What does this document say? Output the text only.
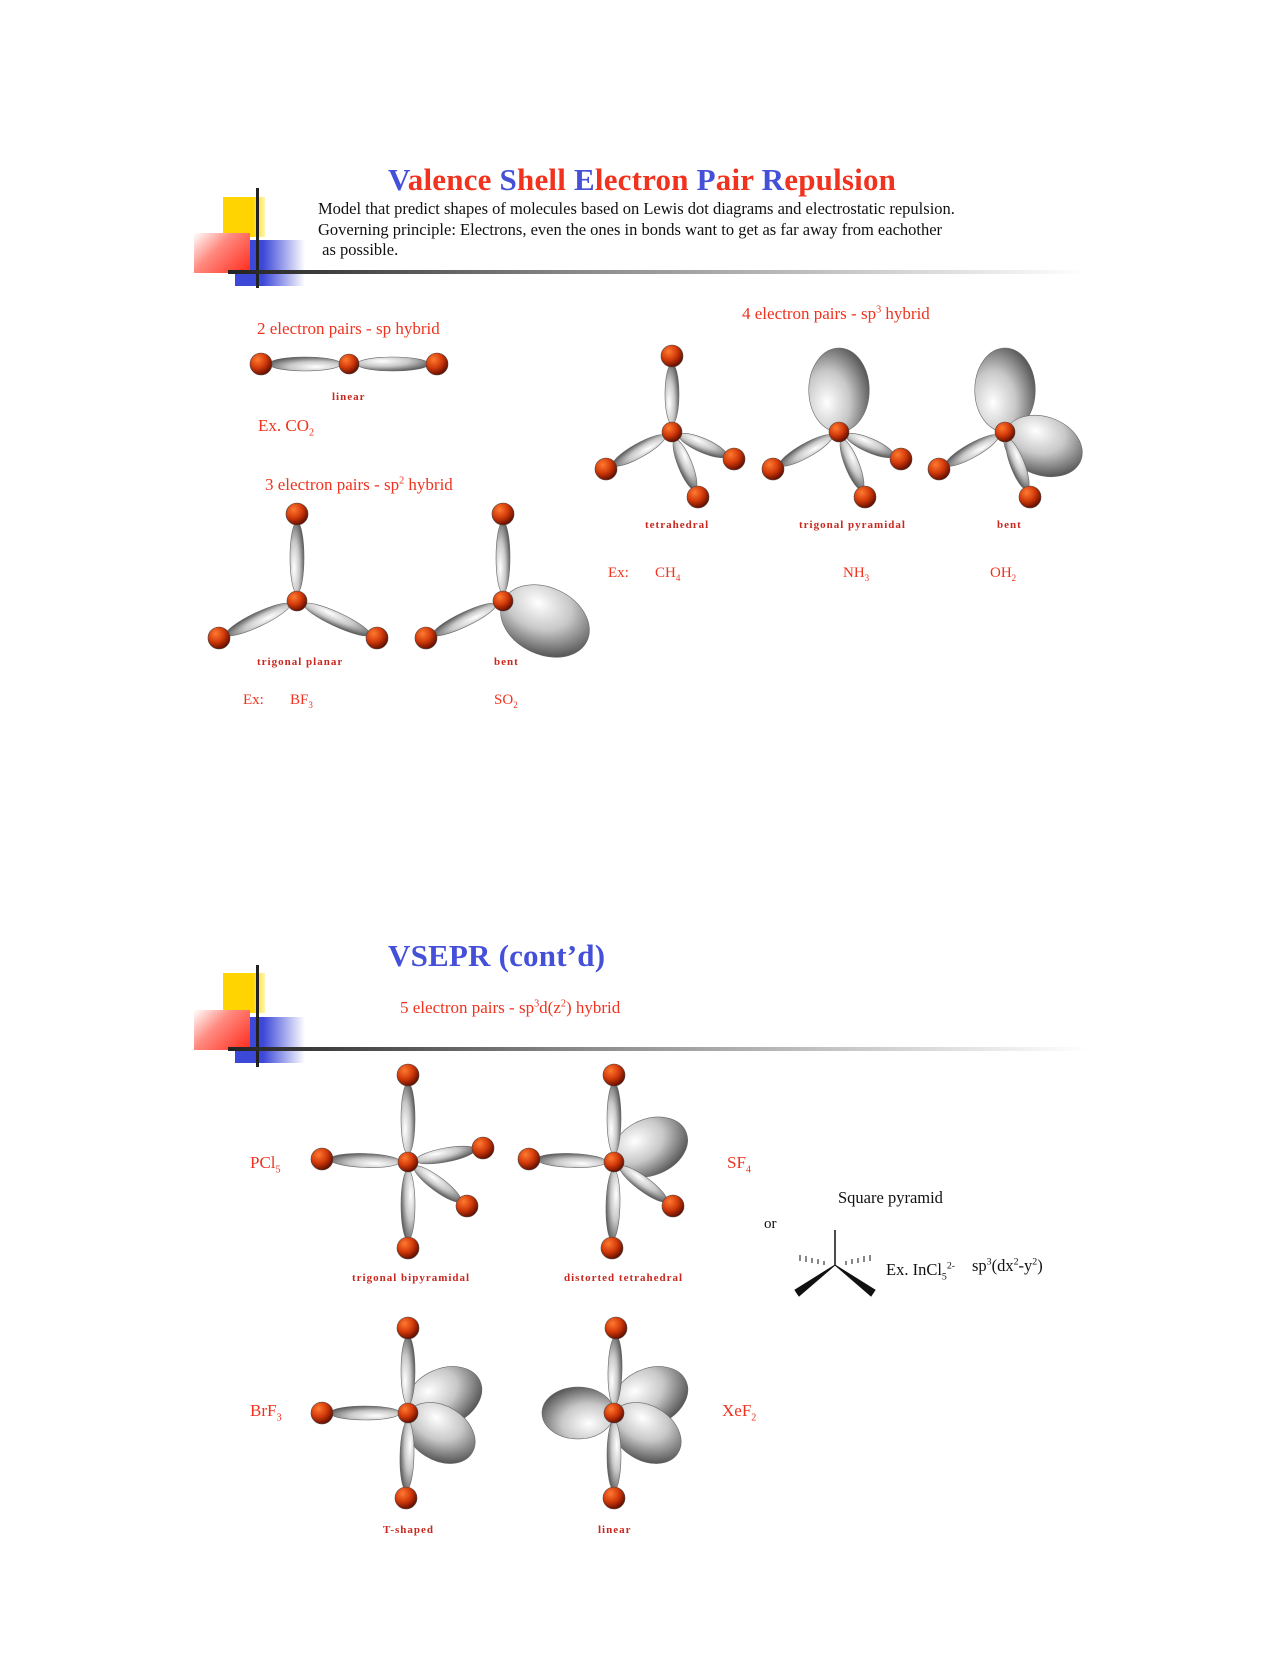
Valence Shell Electron Pair Repulsion
Model that predict shapes of molecules based on Lewis dot diagrams and electrostatic repulsion.
Governing principle: Electrons, even the ones in bonds want to get as far away from eachother
as possible.
2 electron pairs - sp hybrid
linear
Ex. $CO_2$
3 electron pairs - $sp^2$ hybrid
trigonal planar	bent
Ex: $BF_3$	$SO_2$
4 electron pairs - $sp^3$ hybrid
tetrahedral	trigonal pyramidal	bent
Ex: $CH_4$	$NH_3$	$OH_2$
VSEPR (cont’d)
5 electron pairs - $sp^3d(z^2)$ hybrid
trigonal bipyramidal	distorted tetrahedral
T-shaped	linear
PCl$_5$	$SF_4$
BrF$_3$	XeF$_2$
or
Square pyramid
Ex. InCl$_5^{2-}$ $sp^3(dx^2-y^2)$
